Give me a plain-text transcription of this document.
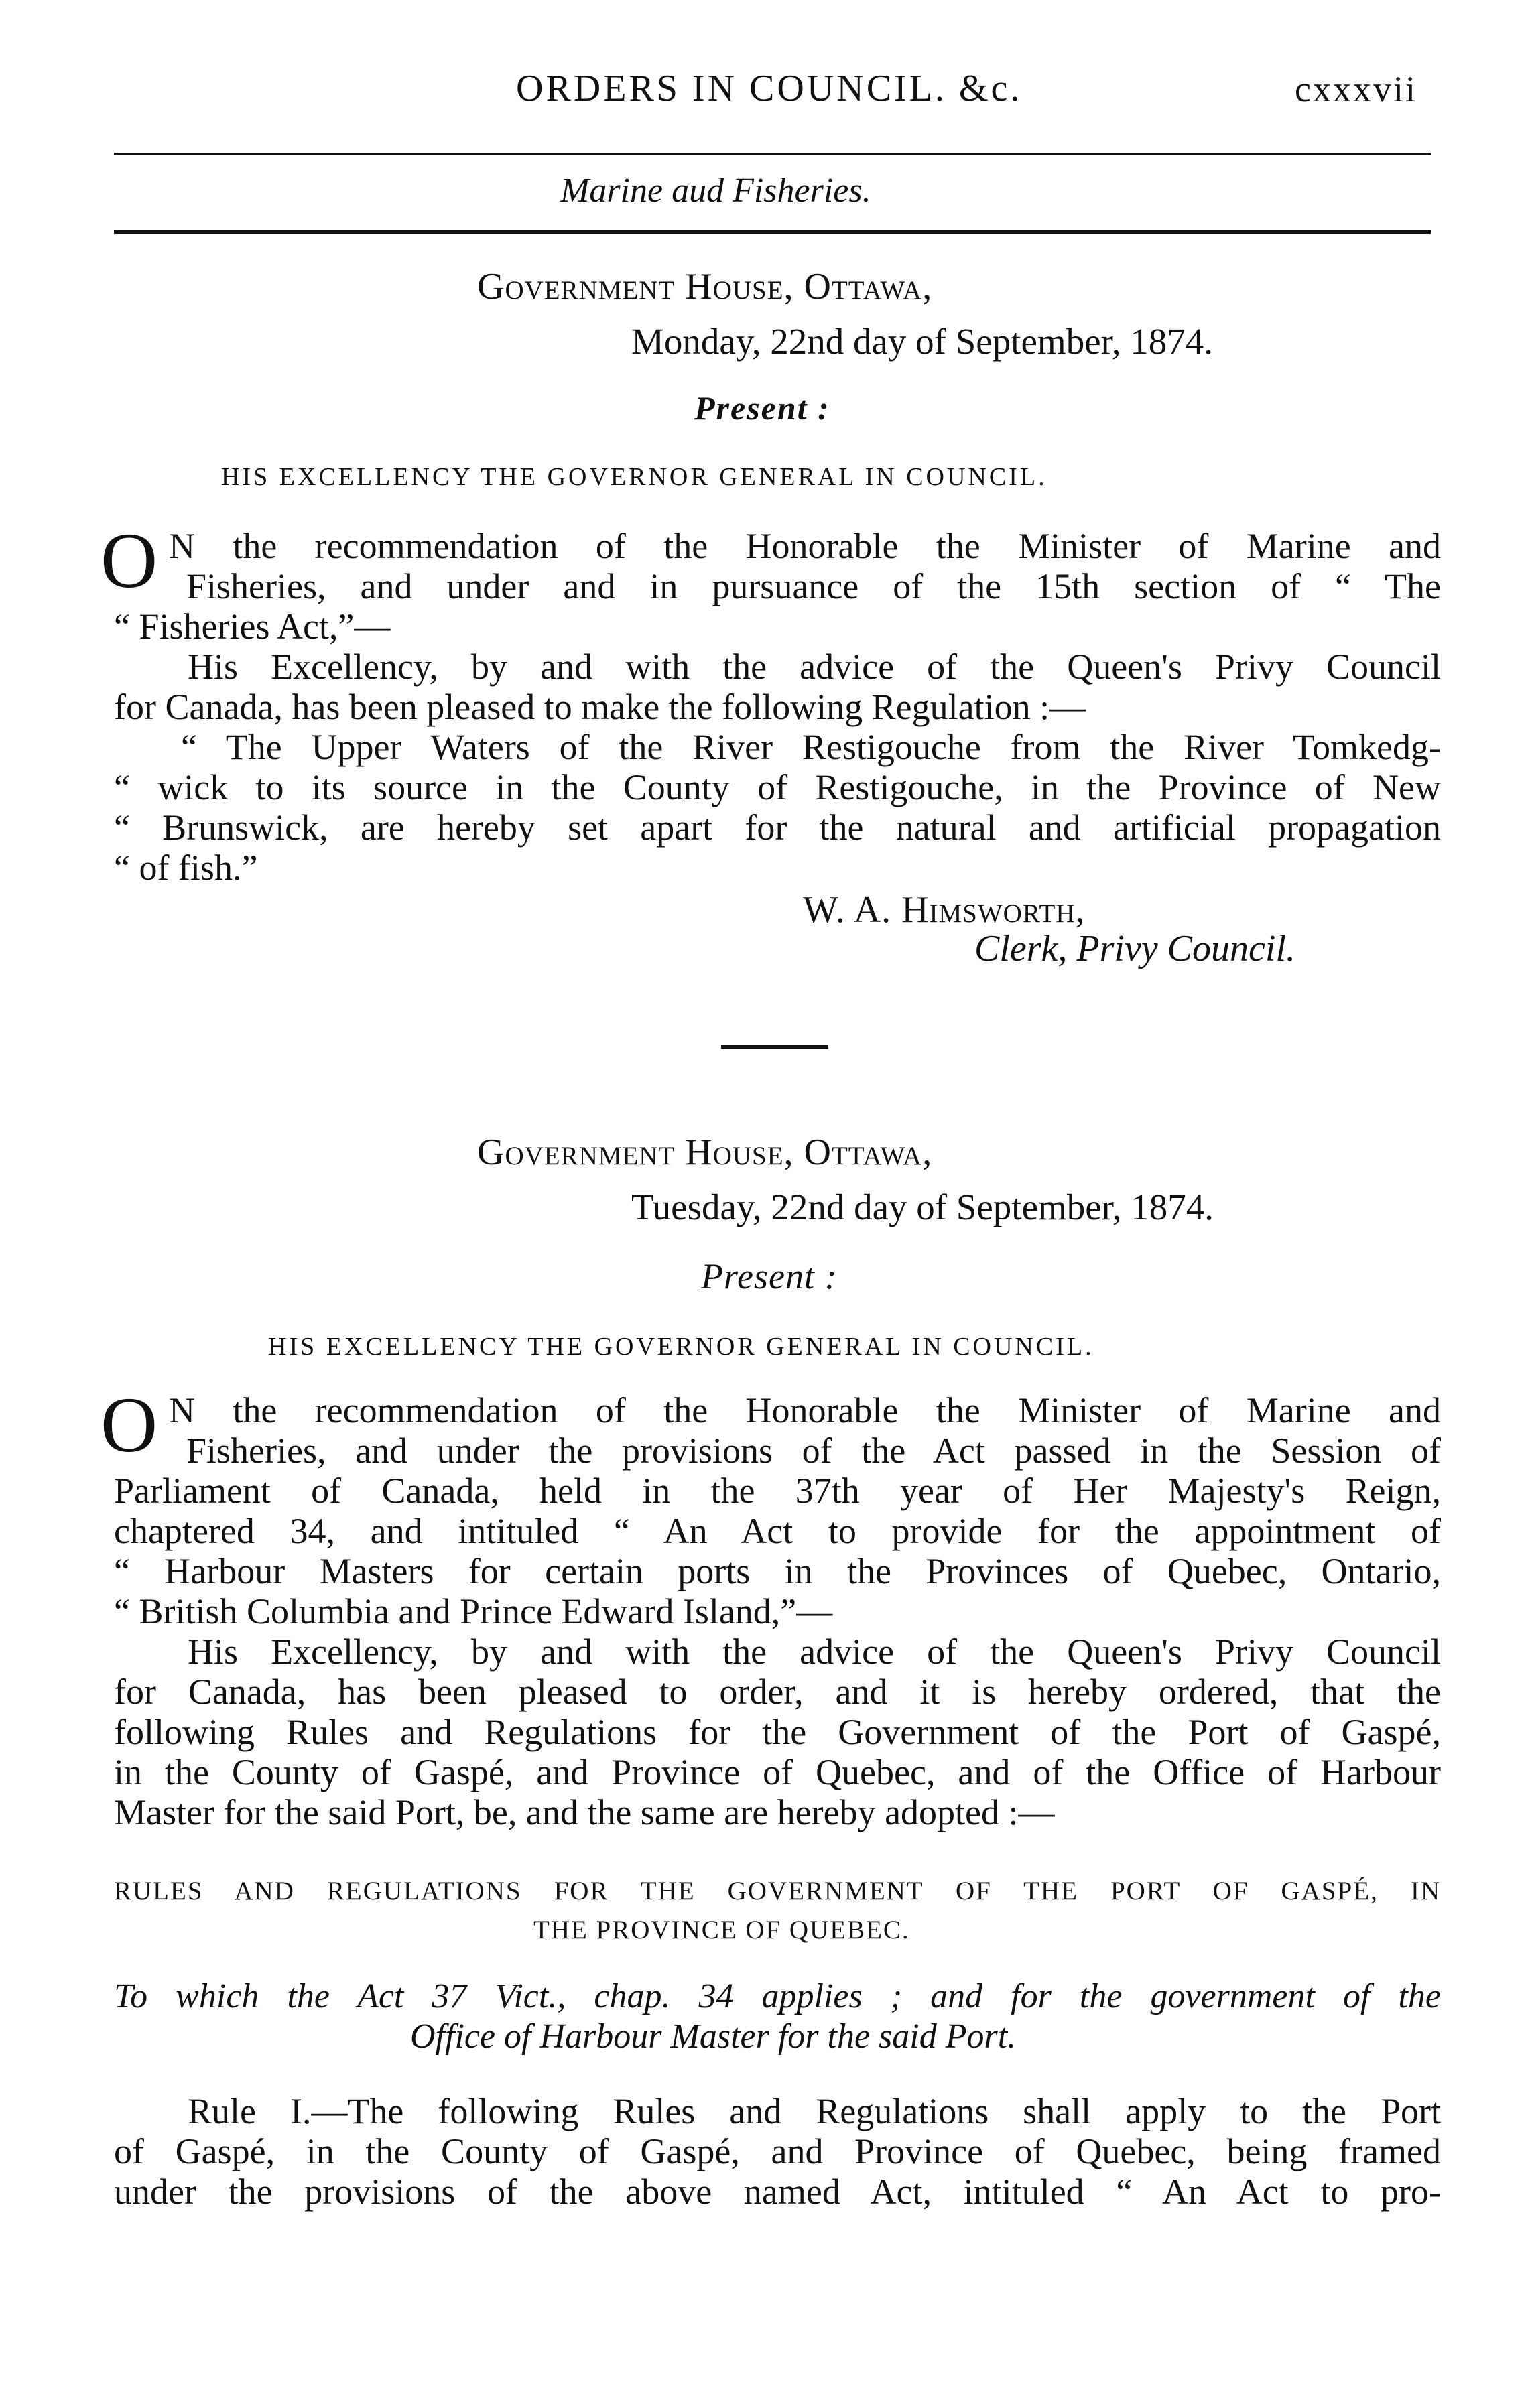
ORDERS IN COUNCIL. &c.	cxxxvii
Marine aud Fisheries.
Government House, Ottawa,
Monday, 22nd day of September, 1874.
Present :
HIS EXCELLENCY THE GOVERNOR GENERAL IN COUNCIL.
O N the recommendation of the Honorable the Minister of Marine and
Fisheries, and under and in pursuance of the 15th section of “ The
“ Fisheries Act,”—
His Excellency, by and with the advice of the Queen's Privy Council
for Canada, has been pleased to make the following Regulation :—
“ The Upper Waters of the River Restigouche from the River Tomkedg-
“ wick to its source in the County of Restigouche, in the Province of New
“ Brunswick, are hereby set apart for the natural and artificial propagation
“ of fish.”
W. A. Himsworth,
Clerk, Privy Council.
Government House, Ottawa,
Tuesday, 22nd day of September, 1874.
Present :
HIS EXCELLENCY THE GOVERNOR GENERAL IN COUNCIL.
O N the recommendation of the Honorable the Minister of Marine and
Fisheries, and under the provisions of the Act passed in the Session of
Parliament of Canada, held in the 37th year of Her Majesty's Reign,
chaptered 34, and intituled “ An Act to provide for the appointment of
“ Harbour Masters for certain ports in the Provinces of Quebec, Ontario,
“ British Columbia and Prince Edward Island,”—
His Excellency, by and with the advice of the Queen's Privy Council
for Canada, has been pleased to order, and it is hereby ordered, that the
following Rules and Regulations for the Government of the Port of Gaspé,
in the County of Gaspé, and Province of Quebec, and of the Office of Harbour
Master for the said Port, be, and the same are hereby adopted :—
RULES AND REGULATIONS FOR THE GOVERNMENT OF THE PORT OF GASPÉ, IN
THE PROVINCE OF QUEBEC.
To which the Act 37 Vict., chap. 34 applies ; and for the government of the
Office of Harbour Master for the said Port.
Rule I.—The following Rules and Regulations shall apply to the Port
of Gaspé, in the County of Gaspé, and Province of Quebec, being framed
under the provisions of the above named Act, intituled “ An Act to pro-
